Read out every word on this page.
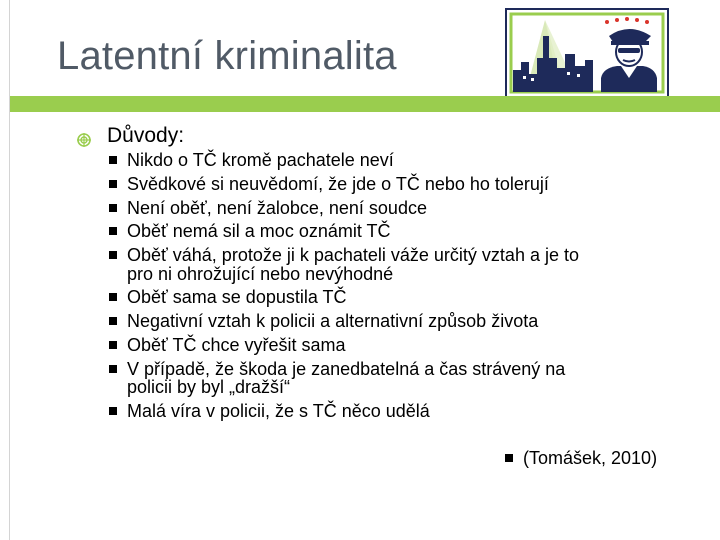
Latentní kriminalita
Důvody:
Nikdo o TČ kromě pachatele neví
Svědkové si neuvědomí, že jde o TČ nebo ho tolerují
Není oběť, není žalobce, není soudce
Oběť nemá sil a moc oznámit TČ
Oběť váhá, protože ji k pachateli váže určitý vztah a je to
pro ni ohrožující nebo nevýhodné
Oběť sama se dopustila TČ
Negativní vztah k policii a alternativní způsob života
Oběť TČ chce vyřešit sama
V případě, že škoda je zanedbatelná a čas strávený na
policii by byl „dražší“
Malá víra v policii, že s TČ něco udělá
(Tomášek, 2010)
